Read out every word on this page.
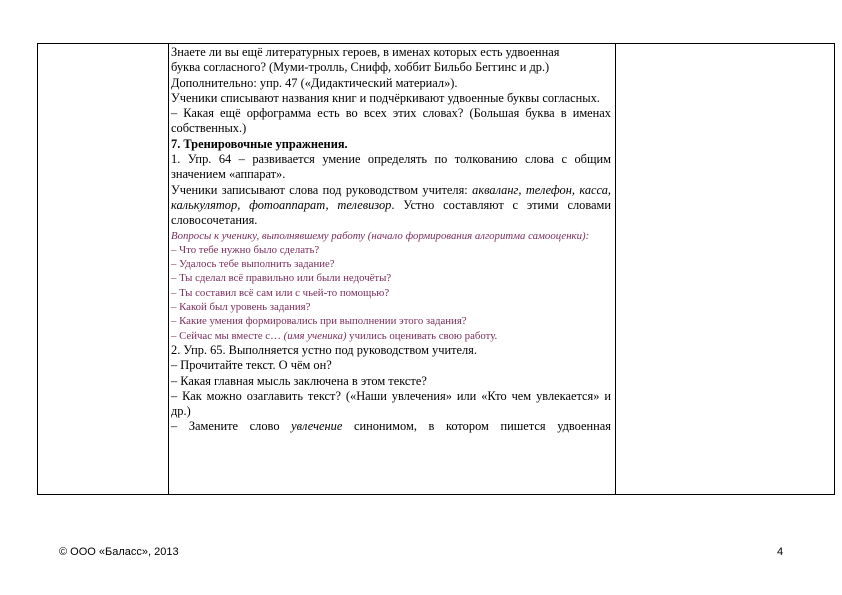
Знаете ли вы ещё литературных героев, в именах которых есть удвоенная

буква согласного? (Муми-тролль, Снифф, хоббит Бильбо Беггинс и др.)

Дополнительно: упр. 47 («Дидактический материал»).

Ученики списывают названия книг и подчёркивают удвоенные буквы согласных.

– Какая ещё орфограмма есть во всех этих словах? (Большая буква в именах собственных.)

7. Тренировочные упражнения.

1. Упр. 64 – развивается умение определять по толкованию слова с общим значением «аппарат».

Ученики записывают слова под руководством учителя: акваланг, телефон, касса, калькулятор, фотоаппарат, телевизор. Устно составляют с этими словами словосочетания.

Вопросы к ученику, выполнявшему работу (начало формирования алгоритма самооценки):

– Что тебе нужно было сделать?

– Удалось тебе выполнить задание?

– Ты сделал всё правильно или были недочёты?

– Ты составил всё сам или с чьей-то помощью?

– Какой был уровень задания?

– Какие умения формировались при выполнении этого задания?

– Сейчас мы вместе с… (имя ученика) учились оценивать свою работу.

2. Упр. 65. Выполняется устно под руководством учителя.

– Прочитайте текст. О чём он?

– Какая главная мысль заключена в этом тексте?

– Как можно озаглавить текст? («Наши увлечения» или «Кто чем увлекается» и др.)

– Замените слово увлечение синонимом, в котором пишется удвоенная

© ООО «Баласс», 2013	4
